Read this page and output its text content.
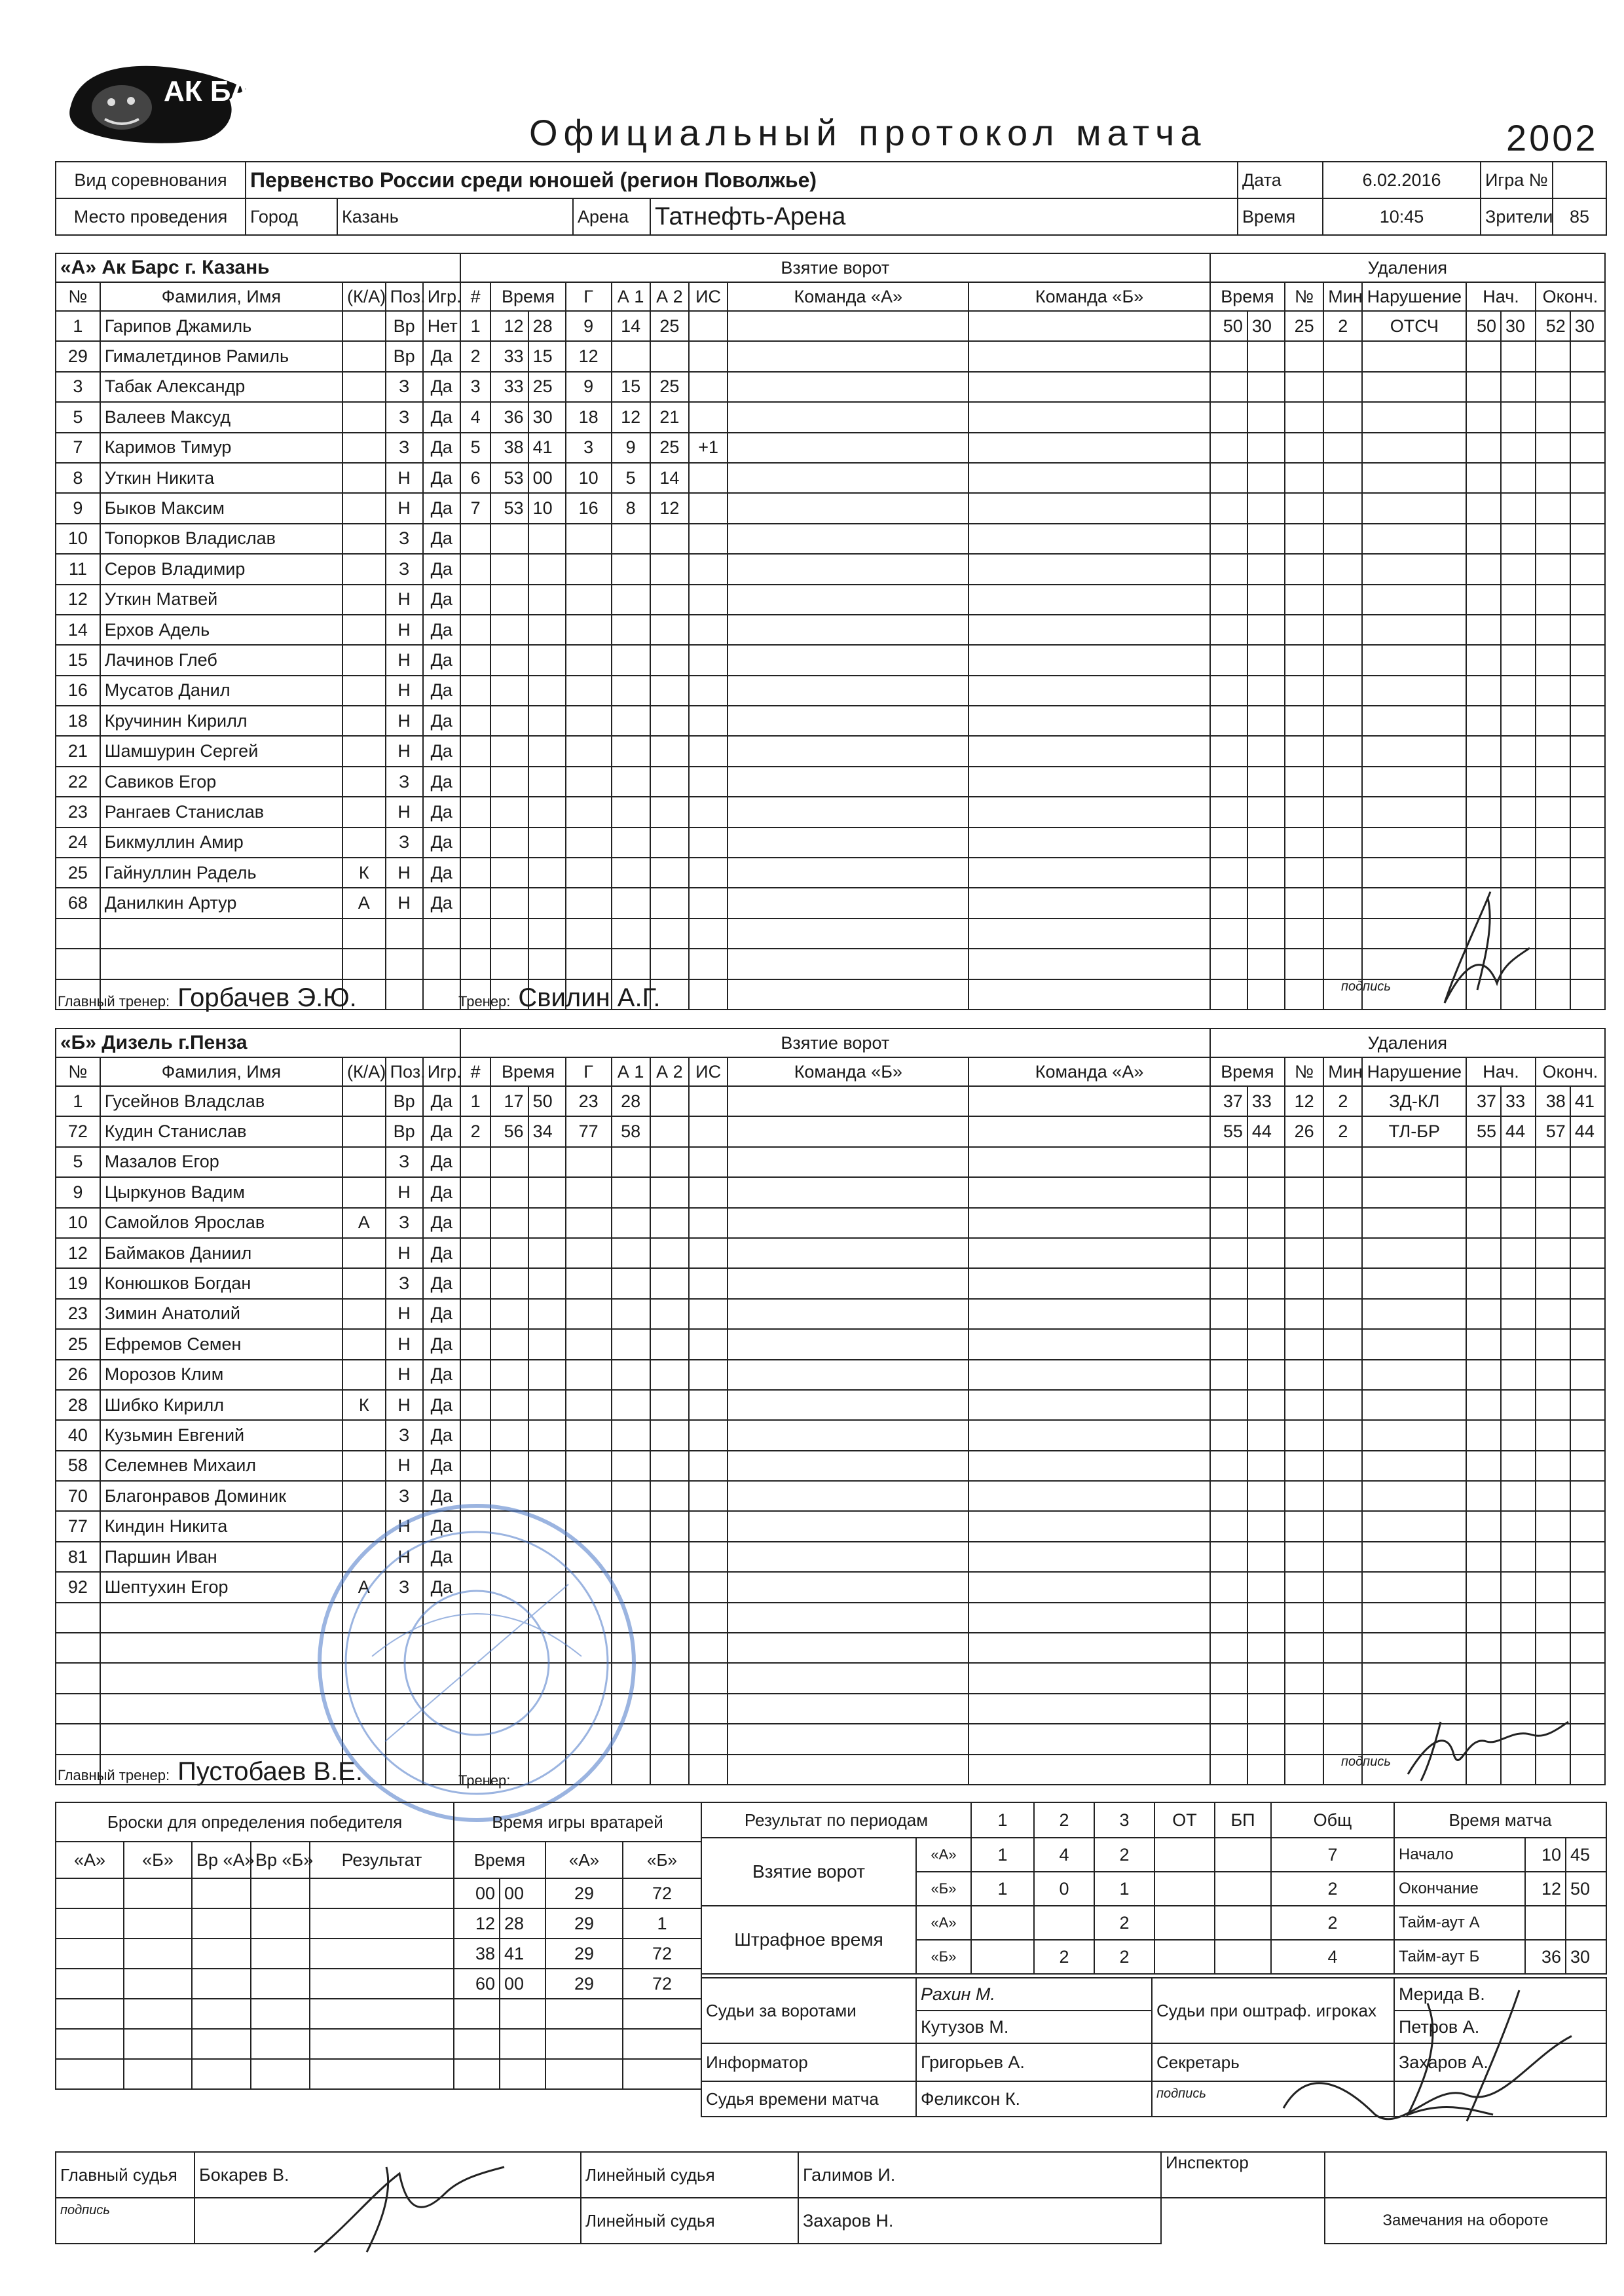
АК БАРС
Официальный протокол матча	2002
Вид соревнования	Первенство России среди юношей (регион Поволжье)				Дата	6.02.2016	Игра №	
Место проведения	Город	Казань	Арена	Татнефть-Арена	Время	10:45	Зрители	85
«А» Ак Барс г. Казань					Взятие ворот									Удаления								
№	Фамилия, Имя	(К/А)	Поз.	Игр.	#	Время		Г	А 1	А 2	ИС	Команда «А»	Команда «Б»	Время		№	Мин	Нарушение	Нач.		Оконч.	
1	Гарипов Джамиль		Вр	Нет	1	12	28	9	14	25				50	30	25	2	ОТСЧ	50	30	52	30
29	Гималетдинов Рамиль		Вр	Да	2	33	15	12														
3	Табак Александр		З	Да	3	33	25	9	15	25												
5	Валеев Максуд		З	Да	4	36	30	18	12	21												
7	Каримов Тимур		З	Да	5	38	41	3	9	25	+1											
8	Уткин Никита		Н	Да	6	53	00	10	5	14												
9	Быков Максим		Н	Да	7	53	10	16	8	12												
10	Топорков Владислав		З	Да																		
11	Серов Владимир		З	Да																		
12	Уткин Матвей		Н	Да																		
14	Ерхов Адель		Н	Да																		
15	Лачинов Глеб		Н	Да																		
16	Мусатов Данил		Н	Да																		
18	Кручинин Кирилл		Н	Да																		
21	Шамшурин Сергей		Н	Да																		
22	Савиков Егор		З	Да																		
23	Рангаев Станислав		Н	Да																		
24	Бикмуллин Амир		З	Да																		
25	Гайнуллин Радель	К	Н	Да																		
68	Данилкин Артур	А	Н	Да																		

Главный тренер: Горбачев Э.Ю.	Тренер: Свилин А.Г.	подпись
«Б» Дизель г.Пенза					Взятие ворот									Удаления								
№	Фамилия, Имя	(К/А)	Поз.	Игр.	#	Время		Г	А 1	А 2	ИС	Команда «Б»	Команда «А»	Время		№	Мин	Нарушение	Нач.		Оконч.	
1	Гусейнов Владслав		Вр	Да	1	17	50	23	28					37	33	12	2	ЗД-КЛ	37	33	38	41
72	Кудин Станислав		Вр	Да	2	56	34	77	58					55	44	26	2	ТЛ-БР	55	44	57	44
5	Мазалов Егор		З	Да																		
9	Цыркунов Вадим		Н	Да																		
10	Самойлов Ярослав	А	З	Да																		
12	Баймаков Даниил		Н	Да																		
19	Конюшков Богдан		З	Да																		
23	Зимин Анатолий		Н	Да																		
25	Ефремов Семен		Н	Да																		
26	Морозов Клим		Н	Да																		
28	Шибко Кирилл	К	Н	Да																		
40	Кузьмин Евгений		З	Да																		
58	Селемнев Михаил		Н	Да																		
70	Благонравов Доминик		З	Да																		
77	Киндин Никита		Н	Да																		
81	Паршин Иван		Н	Да																		
92	Шептухин Егор	А	З	Да																		

Главный тренер: Пустобаев В.Е.	Тренер:
подпись
Броски для определения победителя				
«А»	«Б»	Вр «А»	Вр «Б»	Результат

Время игры вратарей			
Время		«А»	«Б»
00	00	29	72
12	28	29	1
38	41	29	72
60	00	29	72

Результат по периодам		1	2	3	ОТ	БП	Общ
Взятие ворот	«А»	1	4	2			7
	«Б»	1	0	1			2
Штрафное время	«А»			2			2
	«Б»		2	2			4
Время матча		
Начало	10	45
Окончание	12	50
Тайм-аут А		
Тайм-аут Б	36	30
Судьи за воротами	Рахин М.	Судьи при оштраф. игроках	Мерида В.
	Кутузов М.		Петров А.
Информатор	Григорьев А.	Секретарь	Захаров А.
Судья времени матча	Феликсон К.	подпись	
Главный судья	Бокарев В.	Линейный судья	Галимов И.	Инспектор	
подпись		Линейный судья	Захаров Н.		Замечания на обороте
